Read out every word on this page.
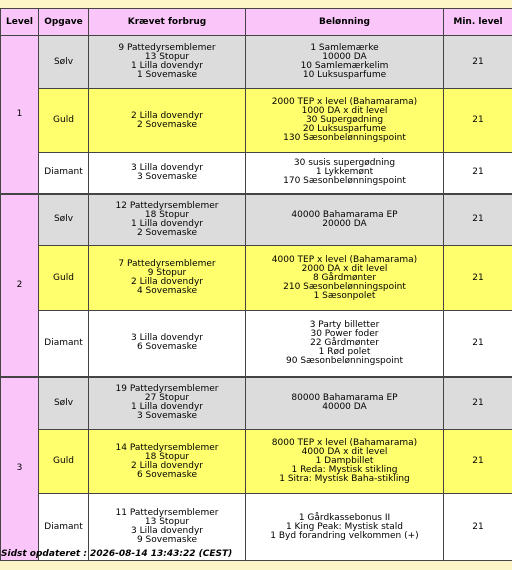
Level	Opgave	Krævet forbrug	Belønning	Min. level
1	Sølv	9 Pattedyrsemblemer
13 Stopur
1 Lilla dovendyr
1 Sovemaske	1 Samlemærke
10000 DA
10 Samlemærkelim
10 Luksusparfume	21
	Guld	2 Lilla dovendyr
2 Sovemaske	2000 TEP x level (Bahamarama)
1000 DA x dit level
30 Supergødning
20 Luksusparfume
130 Sæsonbelønningspoint	21
	Diamant	3 Lilla dovendyr
3 Sovemaske	30 susis supergødning
1 Lykkemønt
170 Sæsonbelønningspoint	21
2	Sølv	12 Pattedyrsemblemer
18 Stopur
1 Lilla dovendyr
2 Sovemaske	40000 Bahamarama EP
20000 DA	21
	Guld	7 Pattedyrsemblemer
9 Stopur
2 Lilla dovendyr
4 Sovemaske	4000 TEP x level (Bahamarama)
2000 DA x dit level
8 Gårdmønter
210 Sæsonbelønningspoint
1 Sæsonpolet	21
	Diamant	3 Lilla dovendyr
6 Sovemaske	3 Party billetter
30 Power foder
22 Gårdmønter
1 Rød polet
90 Sæsonbelønningspoint	21
3	Sølv	19 Pattedyrsemblemer
27 Stopur
1 Lilla dovendyr
3 Sovemaske	80000 Bahamarama EP
40000 DA	21
	Guld	14 Pattedyrsemblemer
18 Stopur
2 Lilla dovendyr
6 Sovemaske	8000 TEP x level (Bahamarama)
4000 DA x dit level
1 Dampbillet
1 Reda: Mystisk stikling
1 Sitra: Mystisk Baha-stikling	21
	Diamant	11 Pattedyrsemblemer
13 Stopur
3 Lilla dovendyr
9 Sovemaske	1 Gårdkassebonus II
1 King Peak: Mystisk stald
1 Byd forandring velkommen (+)	21
Sidst opdateret : 2026-08-14 13:43:22 (CEST)
